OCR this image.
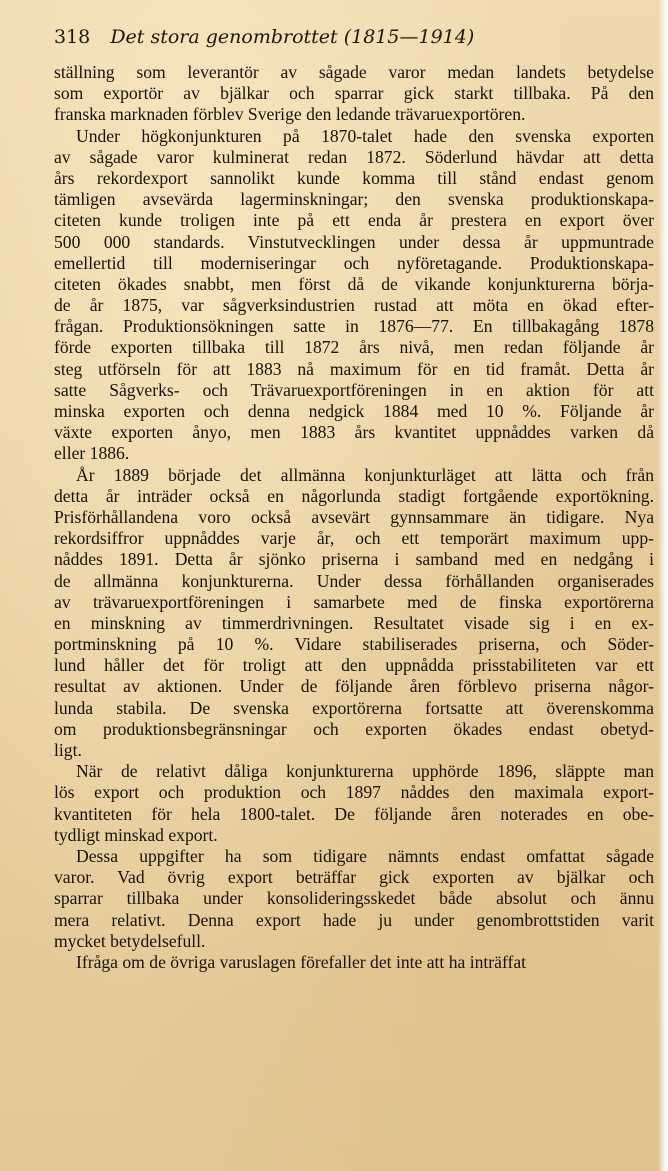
318 Det stora genombrottet (1815—1914)
ställning som leverantör av sågade varor medan landets betydelse
som exportör av bjälkar och sparrar gick starkt tillbaka. På den
franska marknaden förblev Sverige den ledande trävaruexportören.
Under högkonjunkturen på 1870-talet hade den svenska exporten
av sågade varor kulminerat redan 1872. Söderlund hävdar att detta
års rekordexport sannolikt kunde komma till stånd endast genom
tämligen avsevärda lagerminskningar; den svenska produktionskapa-
citeten kunde troligen inte på ett enda år prestera en export över
500 000 standards. Vinstutvecklingen under dessa år uppmuntrade
emellertid till moderniseringar och nyföretagande. Produktionskapa-
citeten ökades snabbt, men först då de vikande konjunkturerna börja-
de år 1875, var sågverksindustrien rustad att möta en ökad efter-
frågan. Produktionsökningen satte in 1876—77. En tillbakagång 1878
förde exporten tillbaka till 1872 års nivå, men redan följande år
steg utförseln för att 1883 nå maximum för en tid framåt. Detta år
satte Sågverks- och Trävaruexportföreningen in en aktion för att
minska exporten och denna nedgick 1884 med 10 %. Följande år
växte exporten ånyo, men 1883 års kvantitet uppnåddes varken då
eller 1886.
År 1889 började det allmänna konjunkturläget att lätta och från
detta år inträder också en någorlunda stadigt fortgående exportökning.
Prisförhållandena voro också avsevärt gynnsammare än tidigare. Nya
rekordsiffror uppnåddes varje år, och ett temporärt maximum upp-
nåddes 1891. Detta år sjönko priserna i samband med en nedgång i
de allmänna konjunkturerna. Under dessa förhållanden organiserades
av trävaruexportföreningen i samarbete med de finska exportörerna
en minskning av timmerdrivningen. Resultatet visade sig i en ex-
portminskning på 10 %. Vidare stabiliserades priserna, och Söder-
lund håller det för troligt att den uppnådda prisstabiliteten var ett
resultat av aktionen. Under de följande åren förblevo priserna någor-
lunda stabila. De svenska exportörerna fortsatte att överenskomma
om produktionsbegränsningar och exporten ökades endast obetyd-
ligt.
När de relativt dåliga konjunkturerna upphörde 1896, släppte man
lös export och produktion och 1897 nåddes den maximala export-
kvantiteten för hela 1800-talet. De följande åren noterades en obe-
tydligt minskad export.
Dessa uppgifter ha som tidigare nämnts endast omfattat sågade
varor. Vad övrig export beträffar gick exporten av bjälkar och
sparrar tillbaka under konsolideringsskedet både absolut och ännu
mera relativt. Denna export hade ju under genombrottstiden varit
mycket betydelsefull.
Ifråga om de övriga varuslagen förefaller det inte att ha inträffat
